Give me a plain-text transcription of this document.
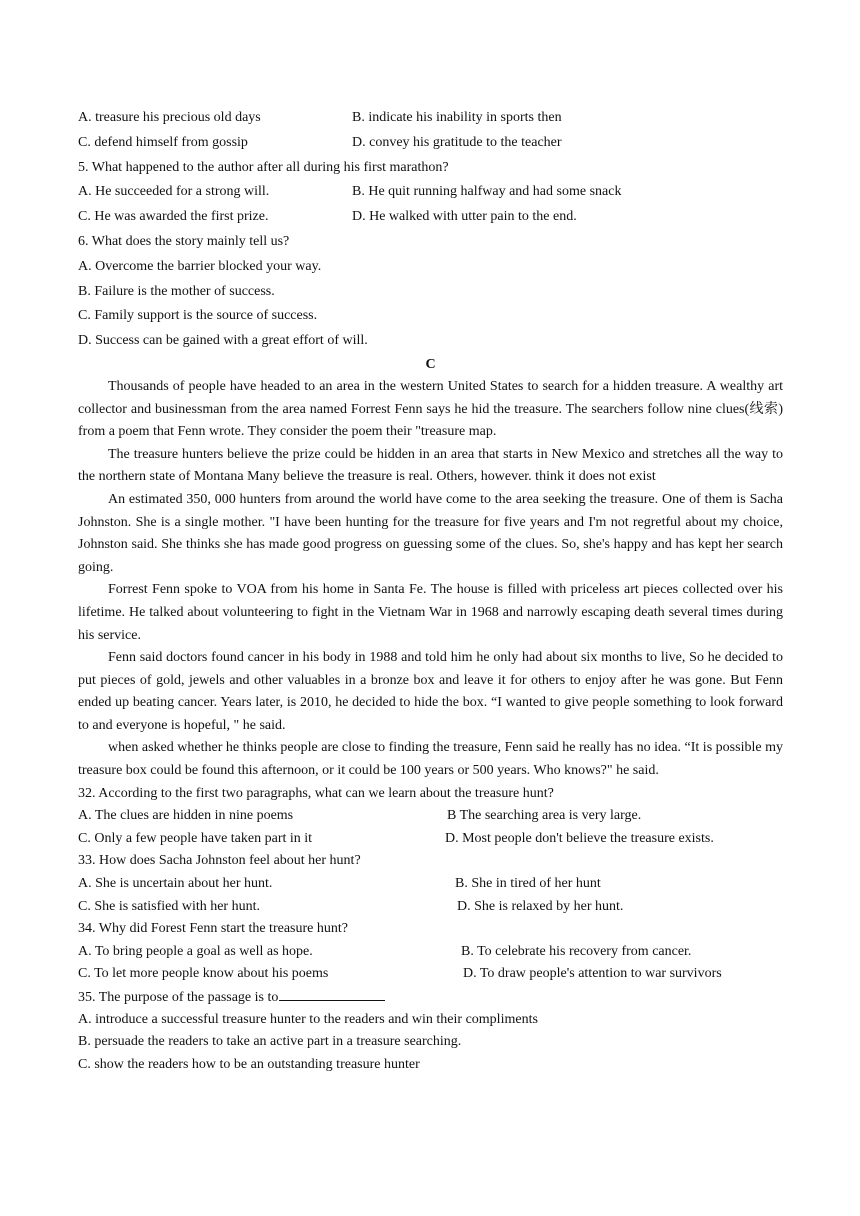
A. treasure his precious old days	B. indicate his inability in sports then
C. defend himself from gossip	D. convey his gratitude to the teacher
5. What happened to the author after all during his first marathon?
A. He succeeded for a strong will.	B. He quit running halfway and had some snack
C. He was awarded the first prize.	D. He walked with utter pain to the end.
6. What does the story mainly tell us?
A. Overcome the barrier blocked your way.
B. Failure is the mother of success.
C. Family support is the source of success.
D. Success can be gained with a great effort of will.
C

Thousands of people have headed to an area in the western United States to search for a hidden treasure. A wealthy art collector and businessman from the area named Forrest Fenn says he hid the treasure. The searchers follow nine clues(线索) from a poem that Fenn wrote. They consider the poem their "treasure map.

The treasure hunters believe the prize could be hidden in an area that starts in New Mexico and stretches all the way to the northern state of Montana Many believe the treasure is real. Others, however. think it does not exist

An estimated 350, 000 hunters from around the world have come to the area seeking the treasure. One of them is Sacha Johnston. She is a single mother. "I have been hunting for the treasure for five years and I'm not regretful about my choice, Johnston said. She thinks she has made good progress on guessing some of the clues. So, she's happy and has kept her search going.

Forrest Fenn spoke to VOA from his home in Santa Fe. The house is filled with priceless art pieces collected over his lifetime. He talked about volunteering to fight in the Vietnam War in 1968 and narrowly escaping death several times during his service.

Fenn said doctors found cancer in his body in 1988 and told him he only had about six months to live, So he decided to put pieces of gold, jewels and other valuables in a bronze box and leave it for others to enjoy after he was gone. But Fenn ended up beating cancer. Years later, is 2010, he decided to hide the box. “I wanted to give people something to look forward to and everyone is hopeful, " he said.

when asked whether he thinks people are close to finding the treasure, Fenn said he really has no idea. “It is possible my treasure box could be found this afternoon, or it could be 100 years or 500 years. Who knows?" he said.

32. According to the first two paragraphs, what can we learn about the treasure hunt?
A. The clues are hidden in nine poems	B The searching area is very large.
C. Only a few people have taken part in it	D. Most people don't believe the treasure exists.
33. How does Sacha Johnston feel about her hunt?
A. She is uncertain about her hunt.	B. She in tired of her hunt
C. She is satisfied with her hunt.	D. She is relaxed by her hunt.
34. Why did Forest Fenn start the treasure hunt?
A. To bring people a goal as well as hope.	B. To celebrate his recovery from cancer.
C. To let more people know about his poems	D. To draw people's attention to war survivors
35. The purpose of the passage is to
A. introduce a successful treasure hunter to the readers and win their compliments
B. persuade the readers to take an active part in a treasure searching.
C. show the readers how to be an outstanding treasure hunter
